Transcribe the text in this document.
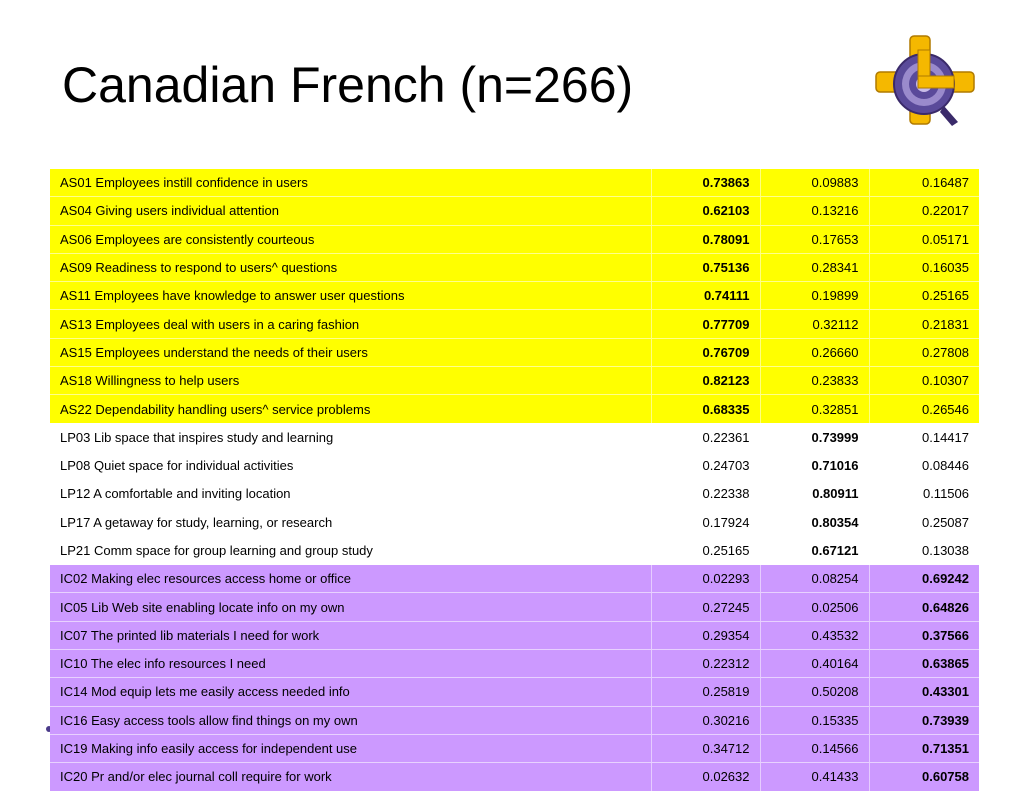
Canadian French (n=266)
AS01 Employees instill confidence in users	0.73863	0.09883	0.16487
AS04 Giving users individual attention	0.62103	0.13216	0.22017
AS06 Employees are consistently courteous	0.78091	0.17653	0.05171
AS09 Readiness to respond to users^ questions	0.75136	0.28341	0.16035
AS11 Employees have knowledge to answer user questions	0.74111	0.19899	0.25165
AS13 Employees deal with users in a caring fashion	0.77709	0.32112	0.21831
AS15 Employees understand the needs of their users	0.76709	0.26660	0.27808
AS18 Willingness to help users	0.82123	0.23833	0.10307
AS22 Dependability handling users^ service problems	0.68335	0.32851	0.26546
LP03 Lib space that inspires study and learning	0.22361	0.73999	0.14417
LP08 Quiet space for individual activities	0.24703	0.71016	0.08446
LP12 A comfortable and inviting location	0.22338	0.80911	0.11506
LP17 A getaway for study, learning, or research	0.17924	0.80354	0.25087
LP21 Comm space for group learning and group study	0.25165	0.67121	0.13038
IC02 Making elec resources access home or office	0.02293	0.08254	0.69242
IC05 Lib Web site enabling locate info on my own	0.27245	0.02506	0.64826
IC07 The printed lib materials I need for work	0.29354	0.43532	0.37566
IC10 The elec info resources I need	0.22312	0.40164	0.63865
IC14 Mod equip lets me easily access needed info	0.25819	0.50208	0.43301
IC16 Easy access tools allow find things on my own	0.30216	0.15335	0.73939
IC19 Making info easily access for independent use	0.34712	0.14566	0.71351
IC20 Pr and/or elec journal coll require for work	0.02632	0.41433	0.60758
